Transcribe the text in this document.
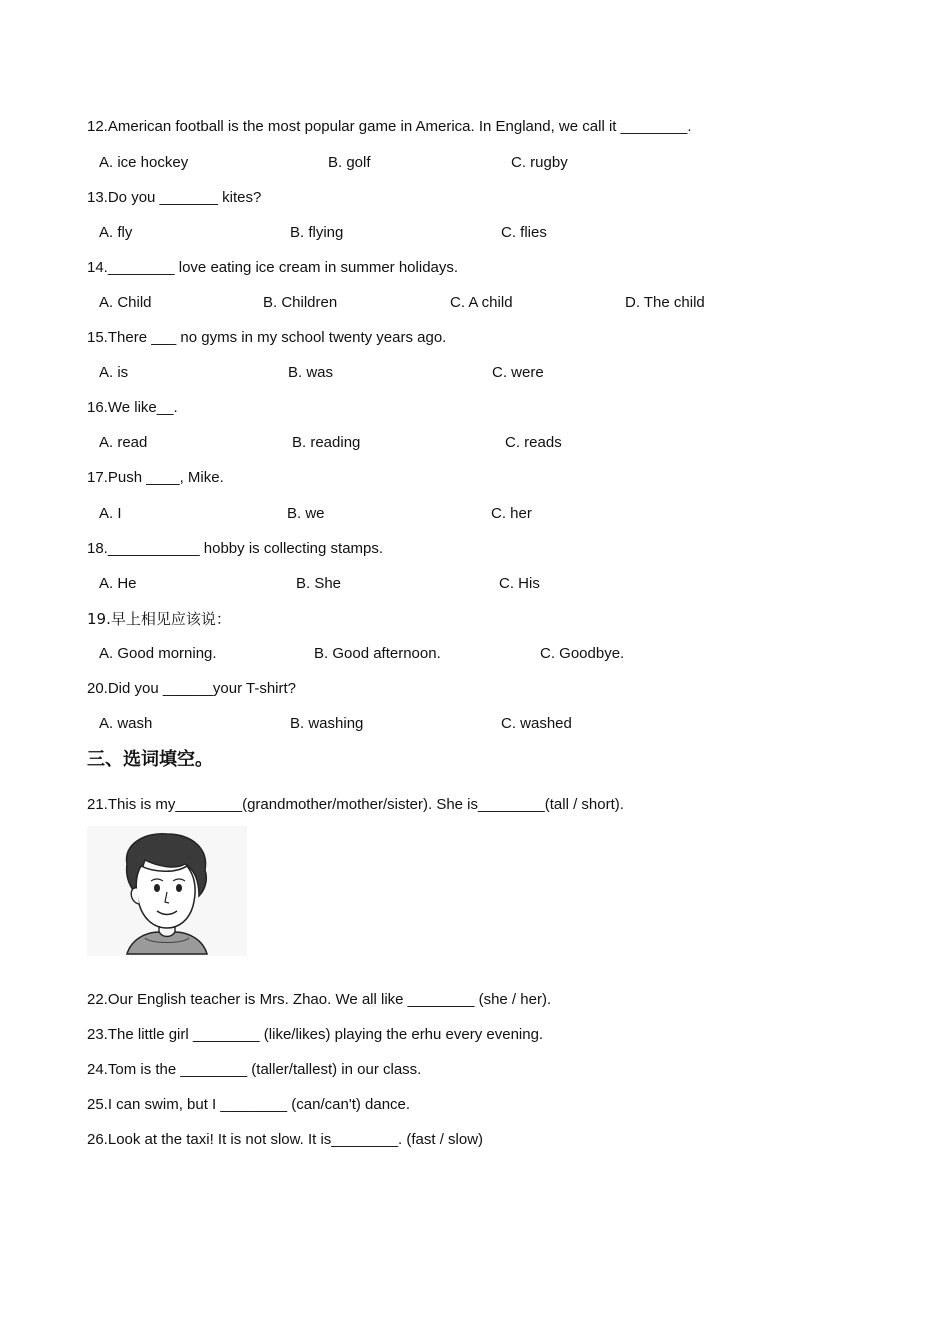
12.American football is the most popular game in America. In England, we call it ________.
A. ice hockey	B. golf	C. rugby
13.Do you _______ kites?
A. fly	B. flying	C. flies
14.________ love eating ice cream in summer holidays.
A. Child	B. Children	C. A child	D. The child
15.There ___ no gyms in my school twenty years ago.
A. is	B. was	C. were
16.We like__.
A. read	B. reading	C. reads
17.Push ____, Mike.
A. I	B. we	C. her
18.___________ hobby is collecting stamps.
A. He	B. She	C. His
19.早上相见应该说：
A. Good morning.	B. Good afternoon.	C. Goodbye.
20.Did you ______your T-shirt?
A. wash	B. washing	C. washed
三、选词填空。
21.This is my________(grandmother/mother/sister). She is________(tall / short).
22.Our English teacher is Mrs. Zhao. We all like ________ (she / her).
23.The little girl ________ (like/likes) playing the erhu every evening.
24.Tom is the ________ (taller/tallest) in our class.
25.I can swim, but I ________ (can/can't) dance.
26.Look at the taxi! It is not slow. It is________. (fast / slow)
